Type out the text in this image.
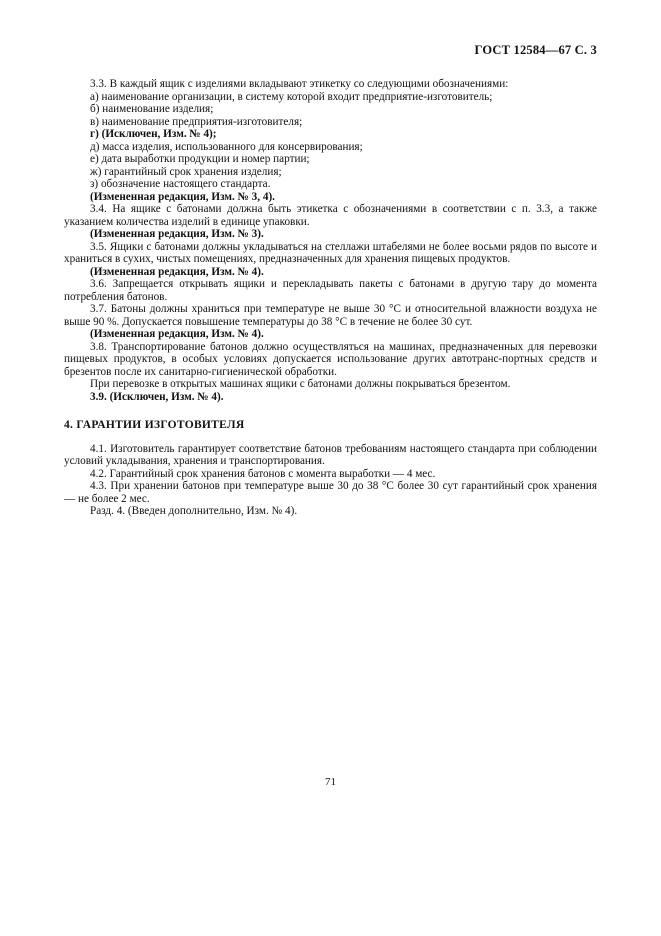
ГОСТ 12584—67 С. 3

3.3. В каждый ящик с изделиями вкладывают этикетку со следующими обозначениями:

а) наименование организации, в систему которой входит предприятие-изготовитель;

б) наименование изделия;

в) наименование предприятия-изготовителя;

г) (Исключен, Изм. № 4);

д) масса изделия, использованного для консервирования;

е) дата выработки продукции и номер партии;

ж) гарантийный срок хранения изделия;

з) обозначение настоящего стандарта.

(Измененная редакция, Изм. № 3, 4).

3.4. На ящике с батонами должна быть этикетка с обозначениями в соответствии с п. 3.3, а также указанием количества изделий в единице упаковки.

(Измененная редакция, Изм. № 3).

3.5. Ящики с батонами должны укладываться на стеллажи штабелями не более восьми рядов по высоте и храниться в сухих, чистых помещениях, предназначенных для хранения пищевых продуктов.

(Измененная редакция, Изм. № 4).

3.6. Запрещается открывать ящики и перекладывать пакеты с батонами в другую тару до момента потребления батонов.

3.7. Батоны должны храниться при температуре не выше 30 °С и относительной влажности воздуха не выше 90 %. Допускается повышение температуры до 38 °С в течение не более 30 сут.

(Измененная редакция, Изм. № 4).

3.8. Транспортирование батонов должно осуществляться на машинах, предназначенных для перевозки пищевых продуктов, в особых условиях допускается использование других автотранс-портных средств и брезентов после их санитарно-гигиенической обработки.

При перевозке в открытых машинах ящики с батонами должны покрываться брезентом.

3.9. (Исключен, Изм. № 4).

4. ГАРАНТИИ ИЗГОТОВИТЕЛЯ

4.1. Изготовитель гарантирует соответствие батонов требованиям настоящего стандарта при соблюдении условий укладывания, хранения и транспортирования.

4.2. Гарантийный срок хранения батонов с момента выработки — 4 мес.

4.3. При хранении батонов при температуре выше 30 до 38 °С более 30 сут гарантийный срок хранения — не более 2 мес.

Разд. 4. (Введен дополнительно, Изм. № 4).

71
